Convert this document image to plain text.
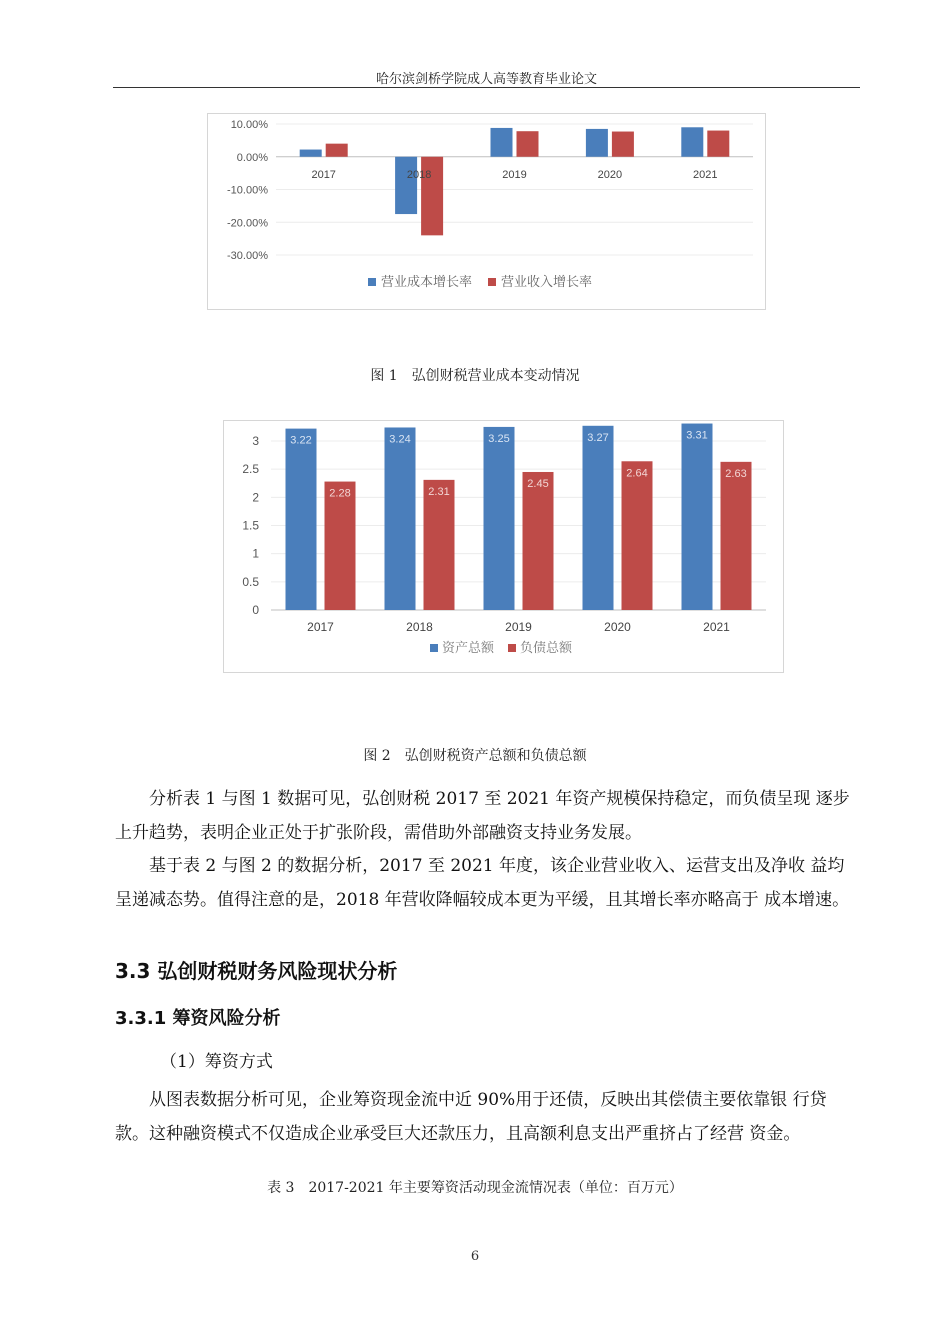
哈尔滨剑桥学院成人高等教育毕业论文
10.00%
0.00%
-10.00%
-20.00%
-30.00%
2017	2018	2019	2020	2021
营业成本增长率 营业收入增长率
图 1　弘创财税营业成本变动情况
0
0.5
1
1.5
2
2.5
3	3.22
2.28
2017
3.24
2.31
2018
3.25
2.45
2019
3.27
2.64
2020
3.31
2.63
2021
资产总额 负债总额
图 2　弘创财税资产总额和负债总额

分析表 1 与图 1 数据可见，弘创财税 2017 至 2021 年资产规模保持稳定，而负债呈现 逐步上升趋势，表明企业正处于扩张阶段，需借助外部融资支持业务发展。

基于表 2 与图 2 的数据分析，2017 至 2021 年度，该企业营业收入、运营支出及净收 益均呈递减态势。值得注意的是，2018 年营收降幅较成本更为平缓，且其增长率亦略高于 成本增速。

3.3 弘创财税财务风险现状分析
3.3.1 筹资风险分析

（1）筹资方式

从图表数据分析可见，企业筹资现金流中近 90%用于还债，反映出其偿债主要依靠银 行贷款。这种融资模式不仅造成企业承受巨大还款压力，且高额利息支出严重挤占了经营 资金。

表 3　2017-2021 年主要筹资活动现金流情况表（单位：百万元）
6
